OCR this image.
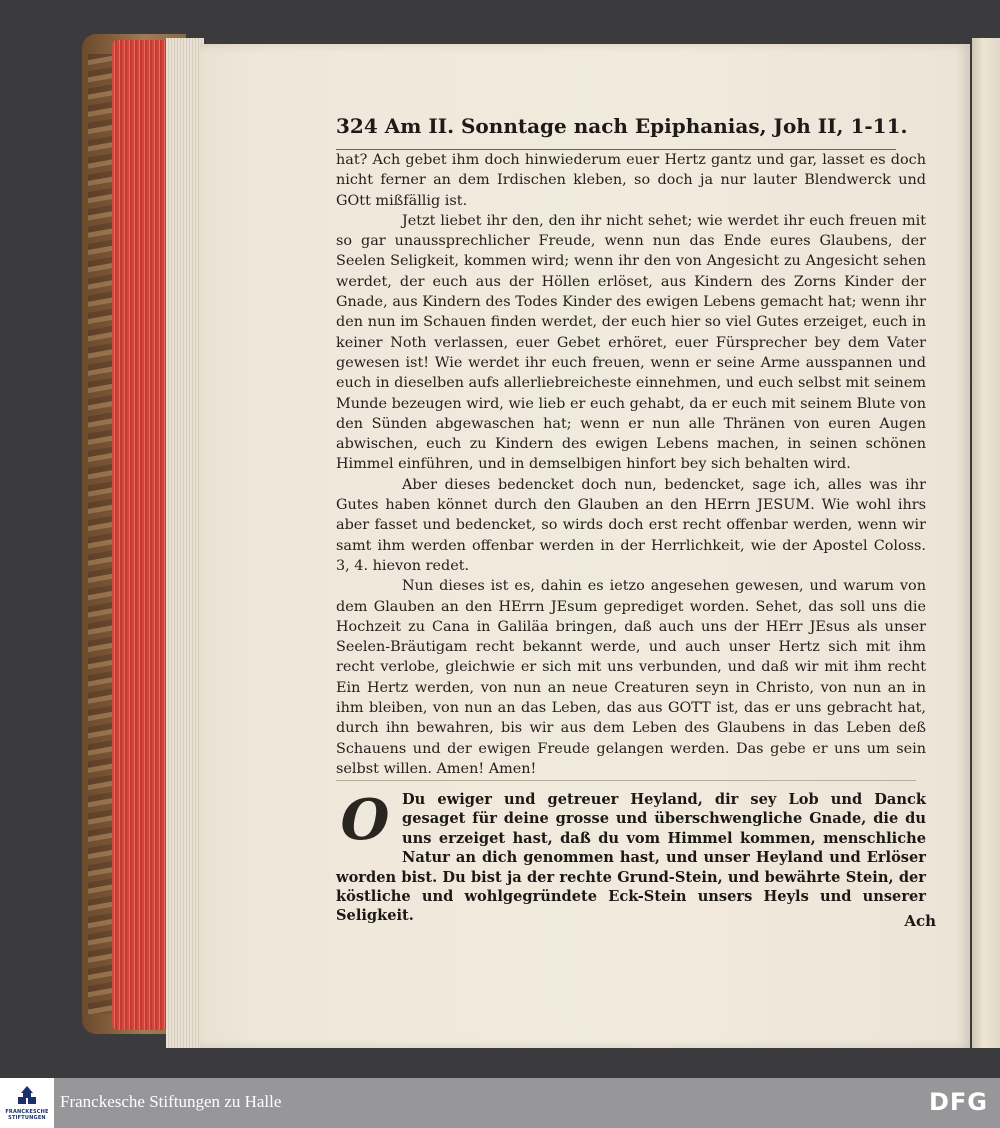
324 Am II. Sonntage nach Epiphanias, Joh II, 1-11.

hat? Ach gebet ihm doch hinwiederum euer Hertz gantz und gar, lasset es doch nicht ferner an dem Irdischen kleben, so doch ja nur lauter Blendwerck und GOtt mißfällig ist.

Jetzt liebet ihr den, den ihr nicht sehet; wie werdet ihr euch freuen mit so gar unaussprechlicher Freude, wenn nun das Ende eures Glaubens, der Seelen Seligkeit, kommen wird; wenn ihr den von Angesicht zu Angesicht sehen werdet, der euch aus der Höllen erlöset, aus Kindern des Zorns Kinder der Gnade, aus Kindern des Todes Kinder des ewigen Lebens gemacht hat; wenn ihr den nun im Schauen finden werdet, der euch hier so viel Gutes erzeiget, euch in keiner Noth verlassen, euer Gebet erhöret, euer Fürsprecher bey dem Vater gewesen ist! Wie werdet ihr euch freuen, wenn er seine Arme ausspannen und euch in dieselben aufs allerliebreicheste einnehmen, und euch selbst mit seinem Munde bezeugen wird, wie lieb er euch gehabt, da er euch mit seinem Blute von den Sünden abgewaschen hat; wenn er nun alle Thränen von euren Augen abwischen, euch zu Kindern des ewigen Lebens machen, in seinen schönen Himmel einführen, und in demselbigen hinfort bey sich behalten wird.

Aber dieses bedencket doch nun, bedencket, sage ich, alles was ihr Gutes haben könnet durch den Glauben an den HErrn JESUM. Wie wohl ihrs aber fasset und bedencket, so wirds doch erst recht offenbar werden, wenn wir samt ihm werden offenbar werden in der Herrlichkeit, wie der Apostel Coloss. 3, 4. hievon redet.

Nun dieses ist es, dahin es ietzo angesehen gewesen, und warum von dem Glauben an den HErrn JEsum geprediget worden. Sehet, das soll uns die Hochzeit zu Cana in Galiläa bringen, daß auch uns der HErr JEsus als unser Seelen-Bräutigam recht bekannt werde, und auch unser Hertz sich mit ihm recht verlobe, gleichwie er sich mit uns verbunden, und daß wir mit ihm recht Ein Hertz werden, von nun an neue Creaturen seyn in Christo, von nun an in ihm bleiben, von nun an das Leben, das aus GOTT ist, das er uns gebracht hat, durch ihn bewahren, bis wir aus dem Leben des Glaubens in das Leben deß Schauens und der ewigen Freude gelangen werden. Das gebe er uns um sein selbst willen. Amen! Amen!

O Du ewiger und getreuer Heyland, dir sey Lob und Danck gesaget für deine grosse und überschwengliche Gnade, die du uns erzeiget hast, daß du vom Himmel kommen, menschliche Natur an dich genommen hast, und unser Heyland und Erlöser worden bist. Du bist ja der rechte Grund-Stein, und bewährte Stein, der köstliche und wohlgegründete Eck-Stein unsers Heyls und unserer Seligkeit.	Ach
FRANCKESCHE STIFTUNGEN
Franckesche Stiftungen zu Halle	DFG
